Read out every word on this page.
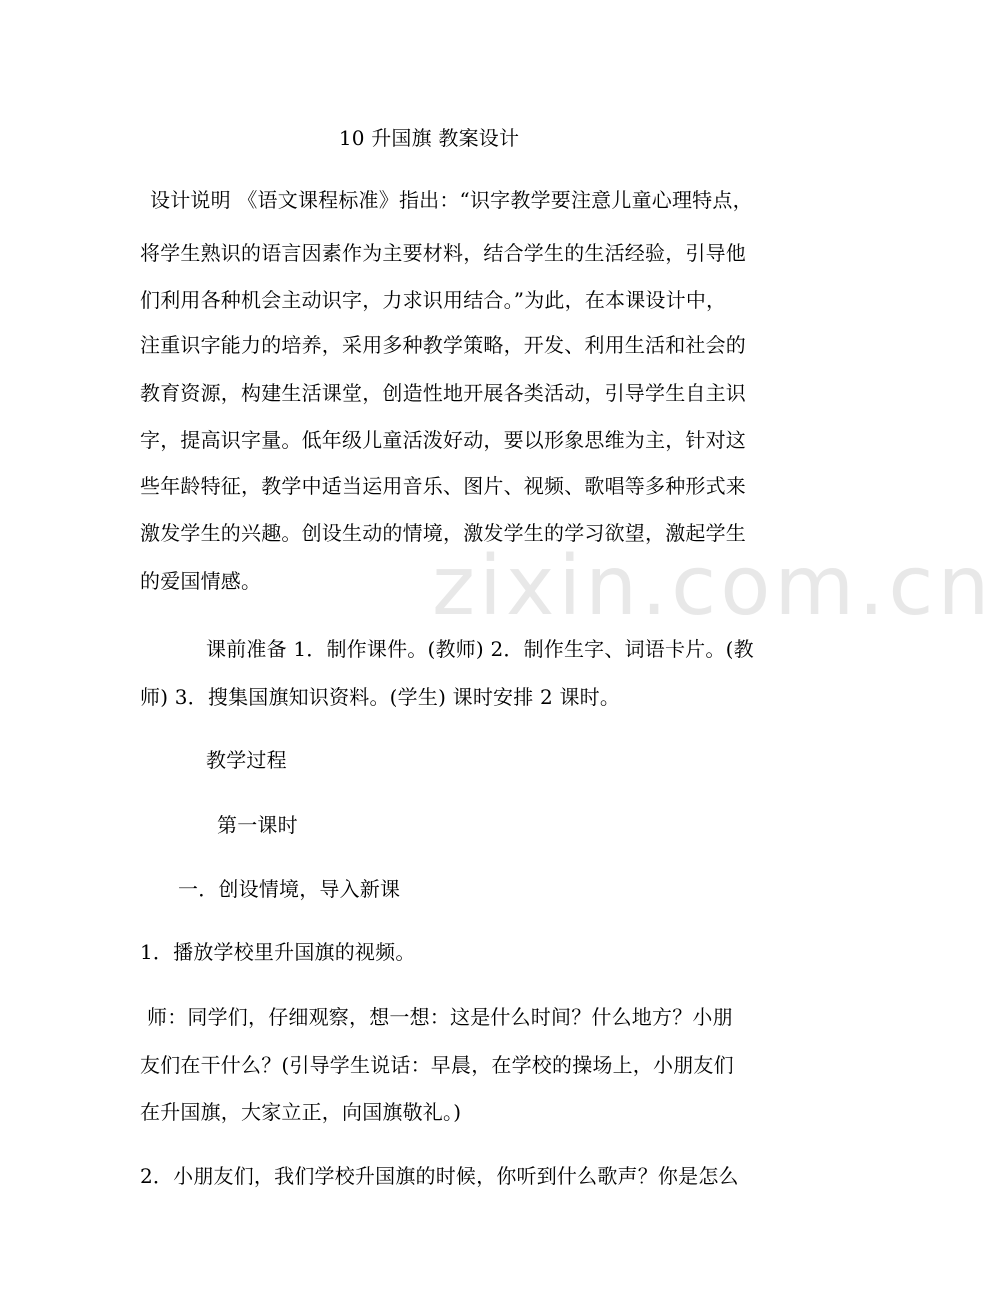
zixin.com.cn
10 升国旗 教案设计
设计说明 《语文课程标准》指出：“识字教学要注意儿童心理特点，
将学生熟识的语言因素作为主要材料，结合学生的生活经验，引导他
们利用各种机会主动识字，力求识用结合。”为此，在本课设计中，
注重识字能力的培养，采用多种教学策略，开发、利用生活和社会的
教育资源，构建生活课堂，创造性地开展各类活动，引导学生自主识
字，提高识字量。低年级儿童活泼好动，要以形象思维为主，针对这
些年龄特征，教学中适当运用音乐、图片、视频、歌唱等多种形式来
激发学生的兴趣。创设生动的情境，激发学生的学习欲望，激起学生
的爱国情感。
课前准备 1．制作课件。(教师) 2．制作生字、词语卡片。(教
师) 3．搜集国旗知识资料。(学生) 课时安排 2 课时。
教学过程
第一课时
一．创设情境，导入新课
1．播放学校里升国旗的视频。
师：同学们，仔细观察，想一想：这是什么时间？什么地方？小朋
友们在干什么？(引导学生说话：早晨，在学校的操场上，小朋友们
在升国旗，大家立正，向国旗敬礼。)
2．小朋友们，我们学校升国旗的时候，你听到什么歌声？你是怎么
